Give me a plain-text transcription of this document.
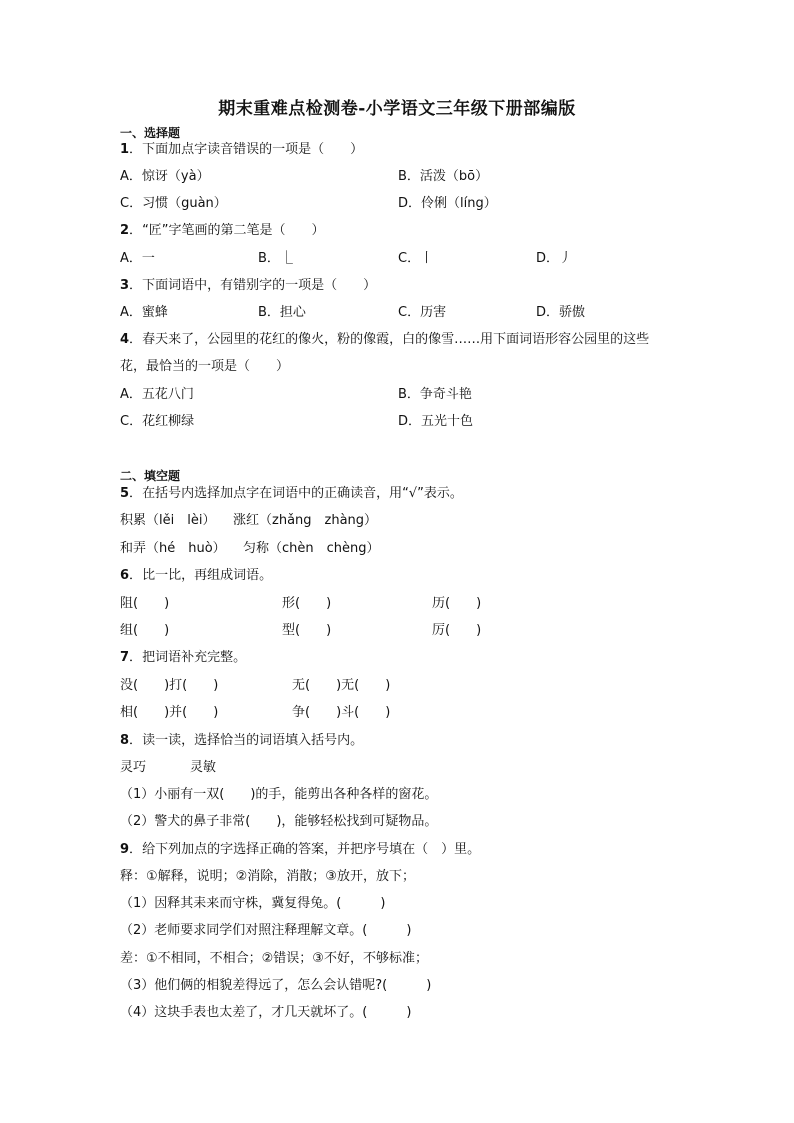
期末重难点检测卷-小学语文三年级下册部编版
一、选择题
1．下面加点字读音错误的一项是（　　）
A．惊讶（yà）	B．活泼（bō）
C．习惯（guàn）	D．伶俐（líng）
2．“匠”字笔画的第二笔是（　　）
A．一	B．⎿	C．丨	D．丿
3．下面词语中，有错别字的一项是（　　）
A．蜜蜂	B．担心	C．历害	D．骄傲
4．春天来了，公园里的花红的像火，粉的像霞，白的像雪……用下面词语形容公园里的这些
花，最恰当的一项是（　　）
A．五花八门	B．争奇斗艳
C．花红柳绿	D．五光十色
二、填空题
5．在括号内选择加点字在词语中的正确读音，用“√”表示。
积累（lěi　lèi） 涨红（zhǎng　zhàng）
和弄（hé　huò） 匀称（chèn　chèng）
6．比一比，再组成词语。
阻(　　)	形(　　)	历(　　)
组(　　)	型(　　)	厉(　　)
7．把词语补充完整。
没(　　)打(　　)	无(　　)无(　　)
相(　　)并(　　)	争(　　)斗(　　)
8．读一读，选择恰当的词语填入括号内。
灵巧	灵敏
（1）小丽有一双(　　)的手，能剪出各种各样的窗花。
（2）警犬的鼻子非常(　　)，能够轻松找到可疑物品。
9．给下列加点的字选择正确的答案，并把序号填在（　）里。
释：①解释，说明；②消除，消散；③放开，放下；
（1）因释其耒来而守株，冀复得兔。(　　　)
（2）老师要求同学们对照注释理解文章。(　　　)
差：①不相同，不相合；②错误；③不好，不够标准；
（3）他们俩的相貌差得远了，怎么会认错呢?(　　　)
（4）这块手表也太差了，才几天就坏了。(　　　)
